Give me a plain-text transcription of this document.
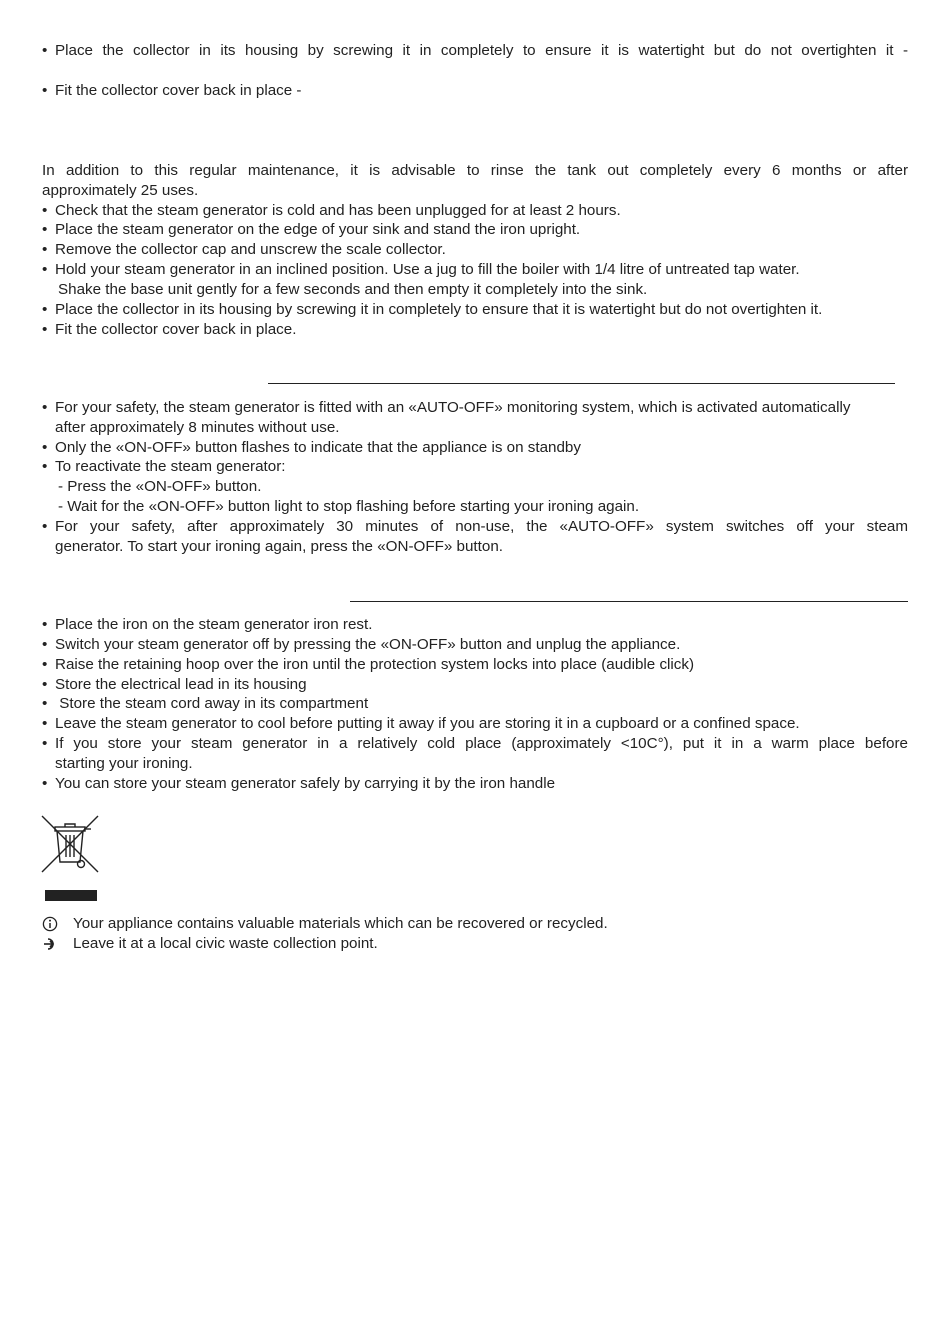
• Place the collector in its housing by screwing it in completely to ensure it is watertight but do not overtighten it -

• Fit the collector cover back in place -

In addition to this regular maintenance, it is advisable to rinse the tank out completely every 6 months or after

approximately 25 uses.

• Check that the steam generator is cold and has been unplugged for at least 2 hours.

• Place the steam generator on the edge of your sink and stand the iron upright.

• Remove the collector cap and unscrew the scale collector.

• Hold your steam generator in an inclined position. Use a jug to fill the boiler with 1/4 litre of untreated tap water.

Shake the base unit gently for a few seconds and then empty it completely into the sink.

• Place the collector in its housing by screwing it in completely to ensure that it is watertight but do not overtighten it.

• Fit the collector cover back in place.

• For your safety, the steam generator is fitted with an «AUTO-OFF» monitoring system, which is activated automatically

after approximately 8 minutes without use.

• Only the «ON-OFF» button flashes to indicate that the appliance is on standby

• To reactivate the steam generator:

- Press the «ON-OFF» button.

- Wait for the «ON-OFF» button light to stop flashing before starting your ironing again.

• For your safety, after approximately 30 minutes of non-use, the «AUTO-OFF» system switches off your steam

generator. To start your ironing again, press the «ON-OFF» button.

• Place the iron on the steam generator iron rest.

• Switch your steam generator off by pressing the «ON-OFF» button and unplug the appliance.

• Raise the retaining hoop over the iron until the protection system locks into place (audible click)

• Store the electrical lead in its housing

• Store the steam cord away in its compartment

• Leave the steam generator to cool before putting it away if you are storing it in a cupboard or a confined space.

• If you store your steam generator in a relatively cold place (approximately <10C°), put it in a warm place before

starting your ironing.

• You can store your steam generator safely by carrying it by the iron handle

Your appliance contains valuable materials which can be recovered or recycled.
Leave it at a local civic waste collection point.
